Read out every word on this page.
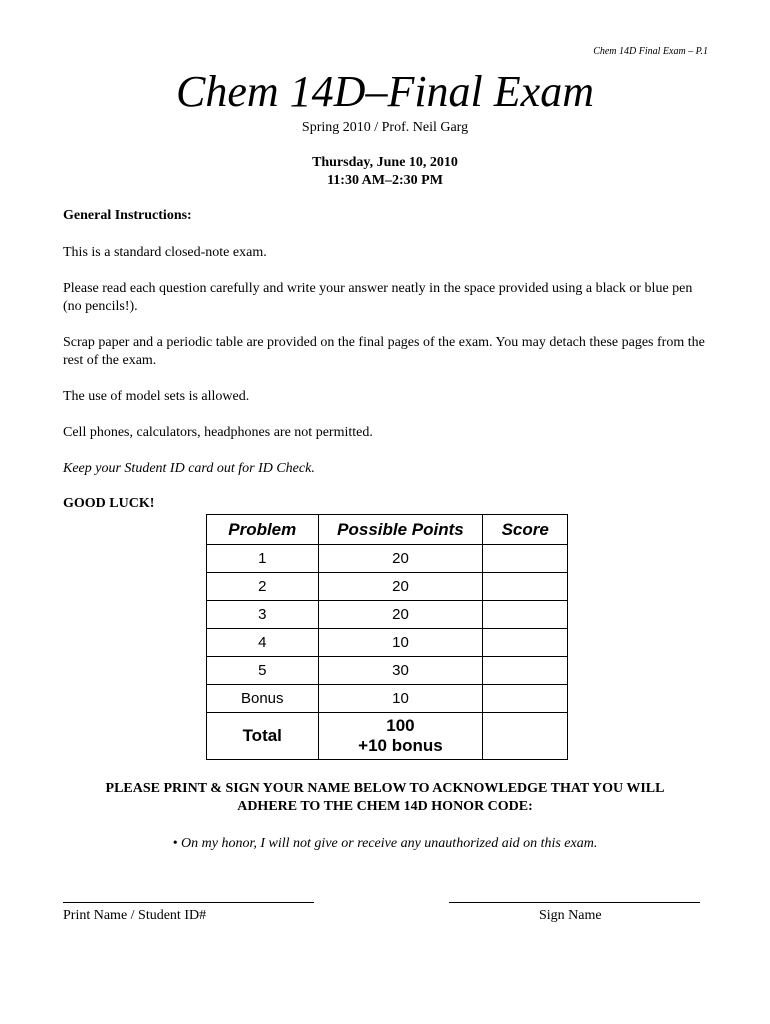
Chem 14D Final Exam – P.1
Chem 14D–Final Exam
Spring 2010 / Prof. Neil Garg
Thursday, June 10, 2010
11:30 AM–2:30 PM
General Instructions:
This is a standard closed-note exam.
Please read each question carefully and write your answer neatly in the space provided using a black or blue pen (no pencils!).
Scrap paper and a periodic table are provided on the final pages of the exam. You may detach these pages from the rest of the exam.
The use of model sets is allowed.
Cell phones, calculators, headphones are not permitted.
Keep your Student ID card out for ID Check.
GOOD LUCK!
Problem	Possible Points	Score
1	20	
2	20	
3	20	
4	10	
5	30	
Bonus	10	
Total	100
+10 bonus	

PLEASE PRINT & SIGN YOUR NAME BELOW TO ACKNOWLEDGE THAT YOU WILL
ADHERE TO THE CHEM 14D HONOR CODE:
• On my honor, I will not give or receive any unauthorized aid on this exam.
Print Name / Student ID#	Sign Name
